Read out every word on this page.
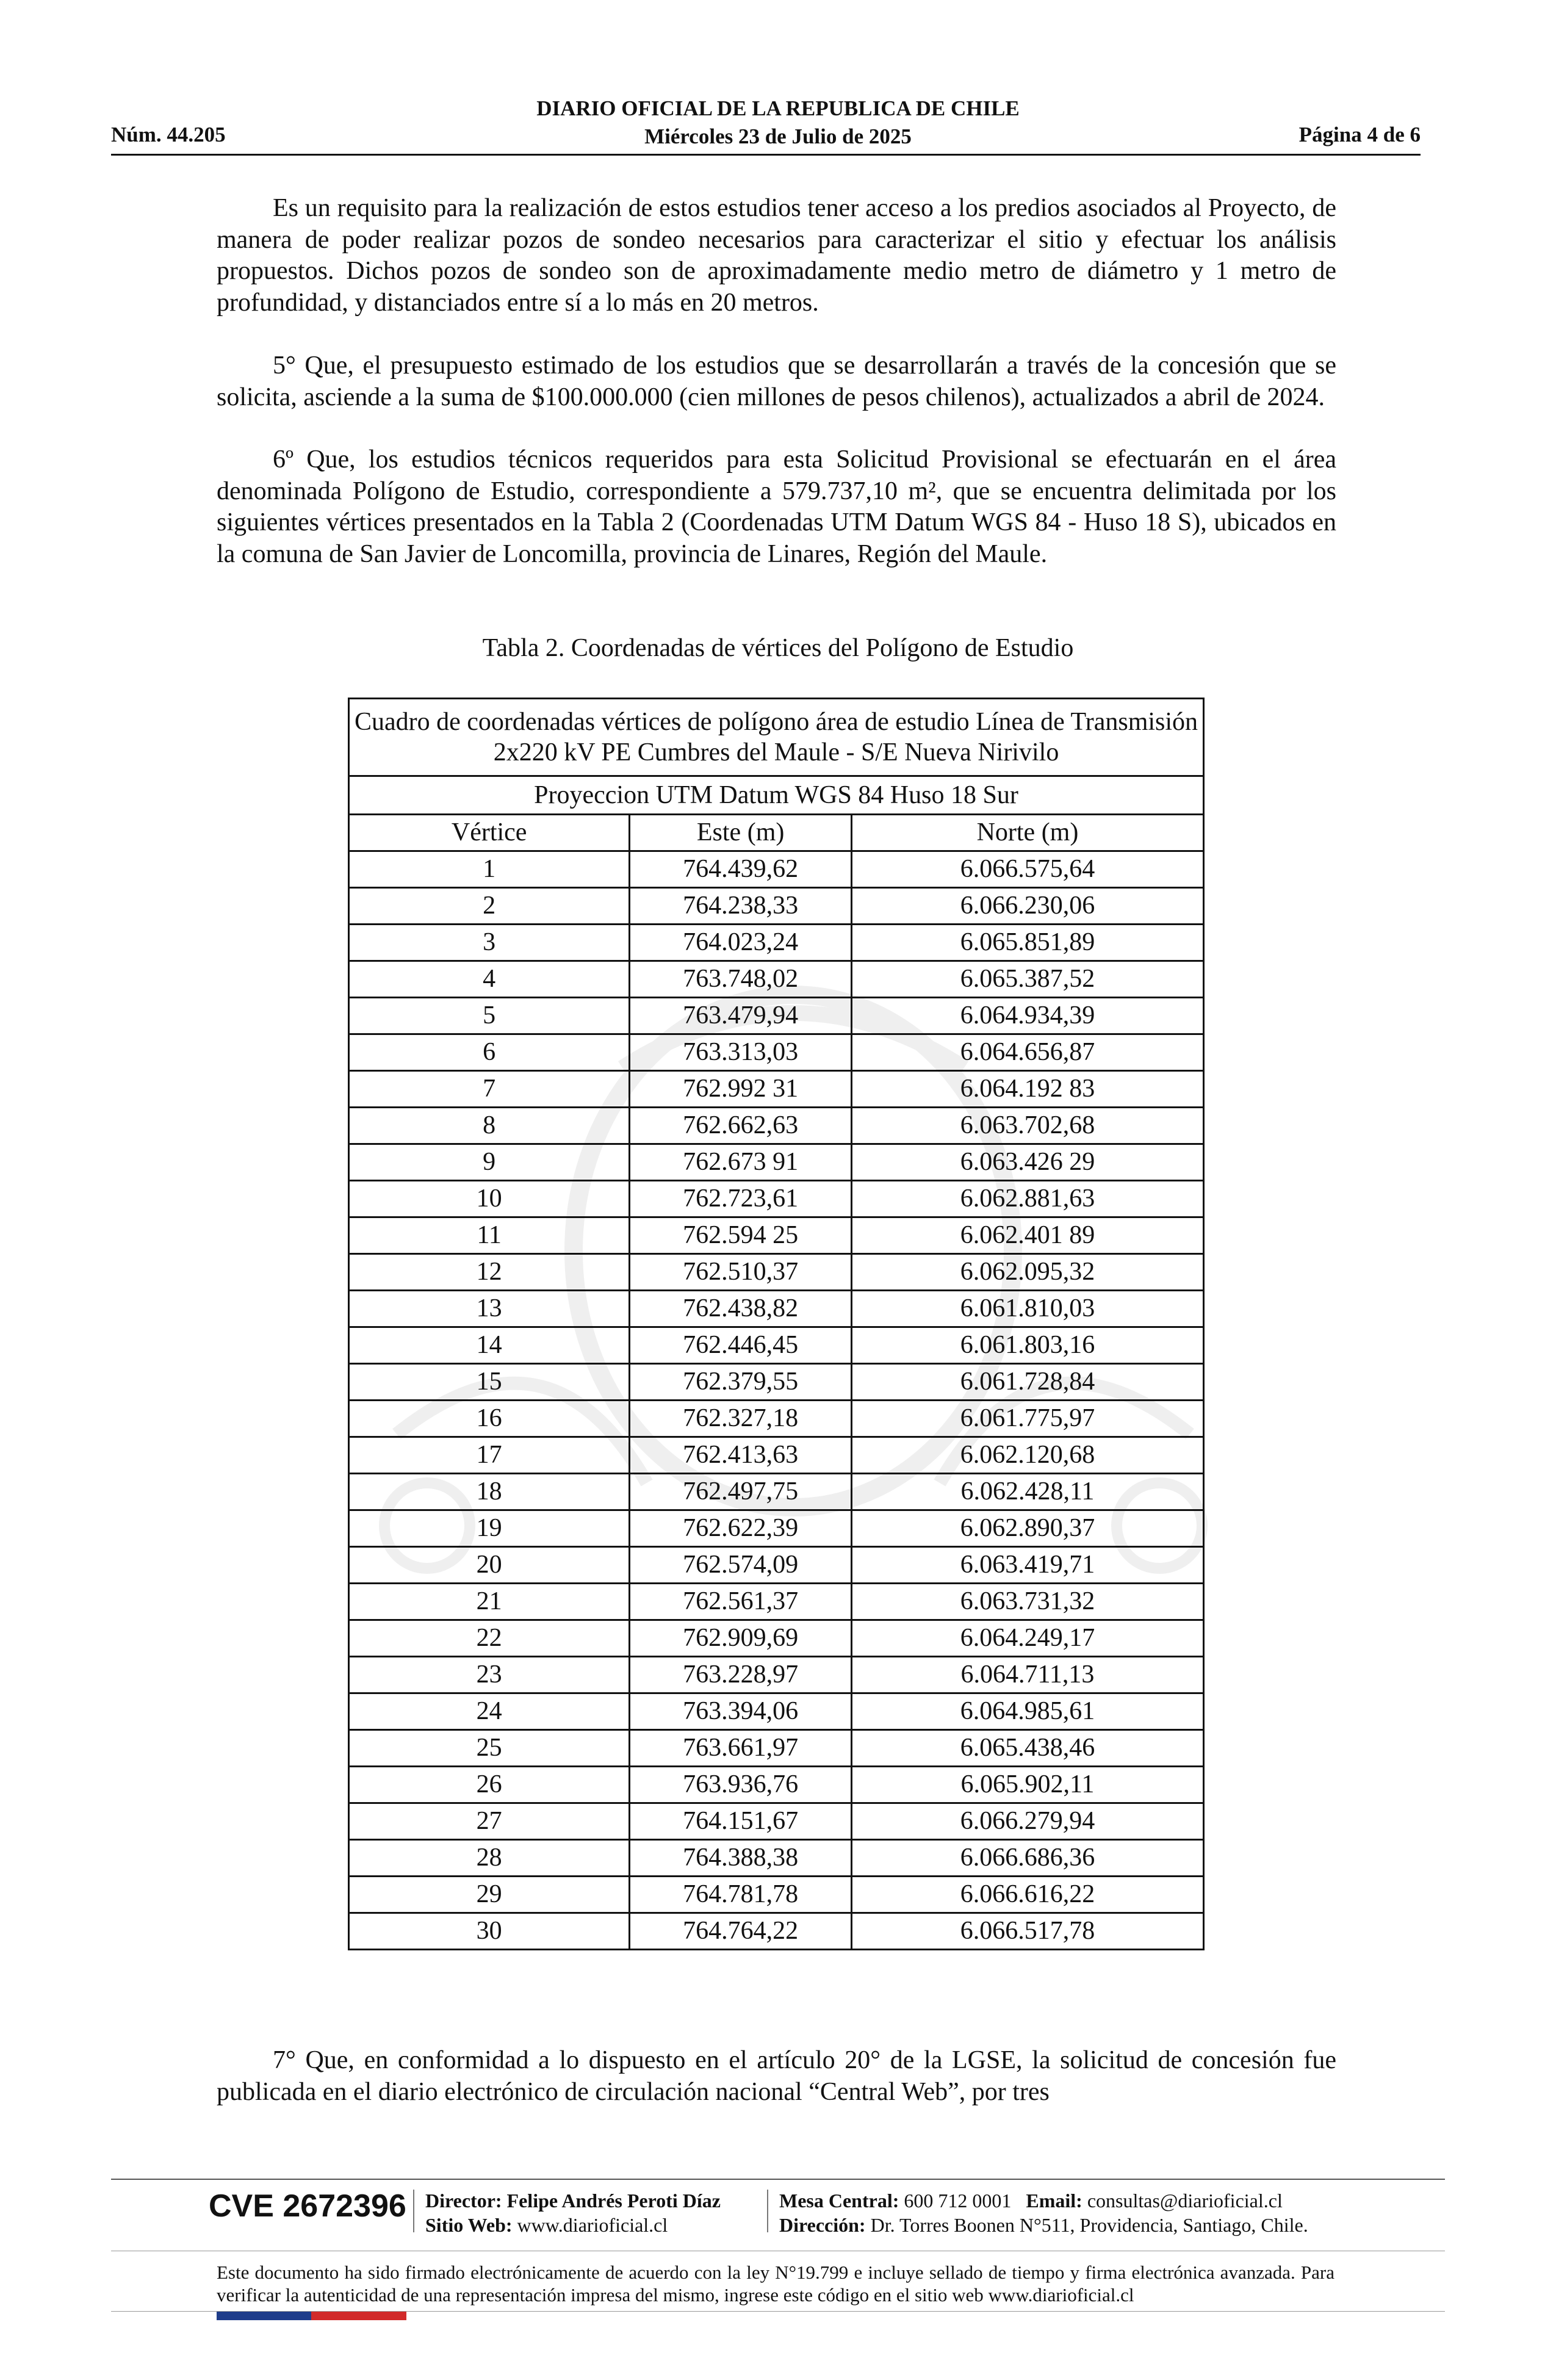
DIARIO OFICIAL DE LA REPUBLICA DE CHILE
Miércoles 23 de Julio de 2025
Núm. 44.205	Página 4 de 6

Es un requisito para la realización de estos estudios tener acceso a los predios asociados al Proyecto, de manera de poder realizar pozos de sondeo necesarios para caracterizar el sitio y efectuar los análisis propuestos. Dichos pozos de sondeo son de aproximadamente medio metro de diámetro y 1 metro de profundidad, y distanciados entre sí a lo más en 20 metros.

5° Que, el presupuesto estimado de los estudios que se desarrollarán a través de la concesión que se solicita, asciende a la suma de $100.000.000 (cien millones de pesos chilenos), actualizados a abril de 2024.

6º Que, los estudios técnicos requeridos para esta Solicitud Provisional se efectuarán en el área denominada Polígono de Estudio, correspondiente a 579.737,10 m², que se encuentra delimitada por los siguientes vértices presentados en la Tabla 2 (Coordenadas UTM Datum WGS 84 - Huso 18 S), ubicados en la comuna de San Javier de Loncomilla, provincia de Linares, Región del Maule.

Tabla 2. Coordenadas de vértices del Polígono de Estudio
Cuadro de coordenadas vértices de polígono área de estudio Línea de Transmisión 2x220 kV PE Cumbres del Maule - S/E Nueva Nirivilo		
Proyeccion UTM Datum WGS 84 Huso 18 Sur		
Vértice	Este (m)	Norte (m)
1	764.439,62	6.066.575,64
2	764.238,33	6.066.230,06
3	764.023,24	6.065.851,89
4	763.748,02	6.065.387,52
5	763.479,94	6.064.934,39
6	763.313,03	6.064.656,87
7	762.992 31	6.064.192 83
8	762.662,63	6.063.702,68
9	762.673 91	6.063.426 29
10	762.723,61	6.062.881,63
11	762.594 25	6.062.401 89
12	762.510,37	6.062.095,32
13	762.438,82	6.061.810,03
14	762.446,45	6.061.803,16
15	762.379,55	6.061.728,84
16	762.327,18	6.061.775,97
17	762.413,63	6.062.120,68
18	762.497,75	6.062.428,11
19	762.622,39	6.062.890,37
20	762.574,09	6.063.419,71
21	762.561,37	6.063.731,32
22	762.909,69	6.064.249,17
23	763.228,97	6.064.711,13
24	763.394,06	6.064.985,61
25	763.661,97	6.065.438,46
26	763.936,76	6.065.902,11
27	764.151,67	6.066.279,94
28	764.388,38	6.066.686,36
29	764.781,78	6.066.616,22
30	764.764,22	6.066.517,78

7° Que, en conformidad a lo dispuesto en el artículo 20° de la LGSE, la solicitud de concesión fue publicada en el diario electrónico de circulación nacional “Central Web”, por tres

CVE 2672396 Director: Felipe Andrés Peroti Díaz
Sitio Web: www.diarioficial.cl
Mesa Central: 600 712 0001 Email: consultas@diarioficial.cl
Dirección: Dr. Torres Boonen N°511, Providencia, Santiago, Chile.
Este documento ha sido firmado electrónicamente de acuerdo con la ley N°19.799 e incluye sellado de tiempo y firma electrónica avanzada. Para verificar la autenticidad de una representación impresa del mismo, ingrese este código en el sitio web www.diarioficial.cl
